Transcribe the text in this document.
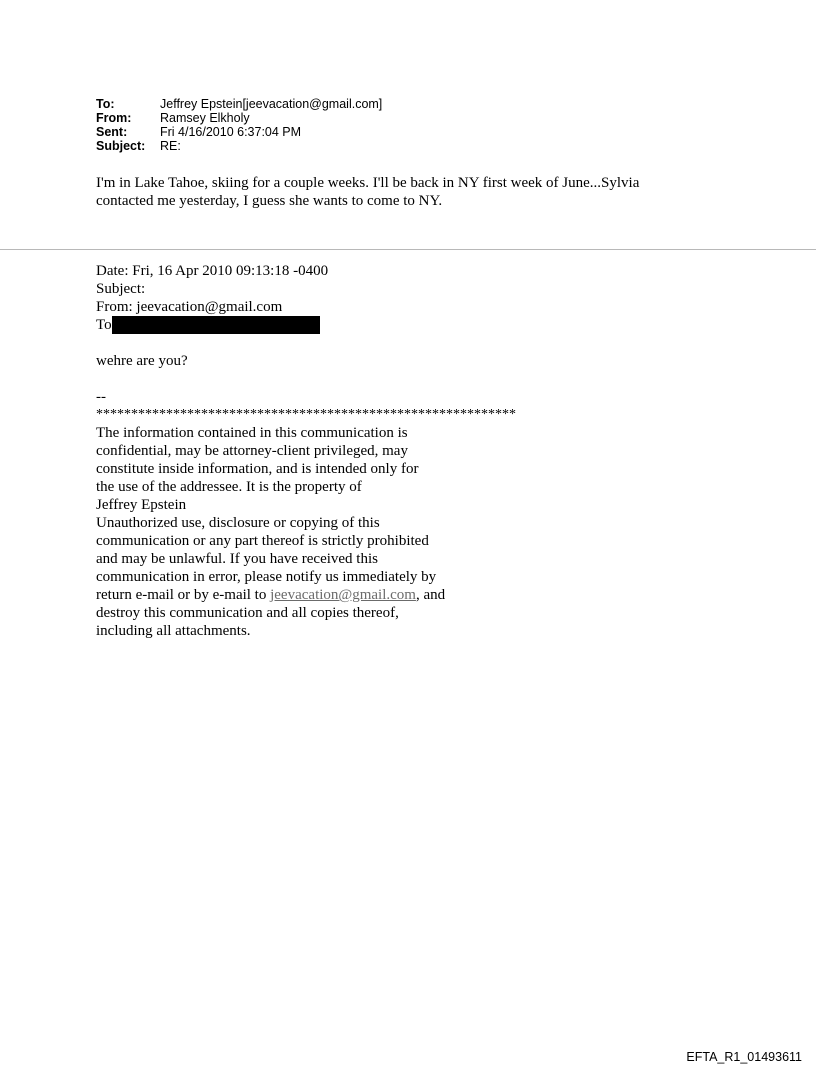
To:	Jeffrey Epstein[jeevacation@gmail.com]
From:	Ramsey Elkholy
Sent:	Fri 4/16/2010 6:37:04 PM
Subject:	RE:
I'm in Lake Tahoe, skiing for a couple weeks. I'll be back in NY first week of June...Sylvia
contacted me yesterday, I guess she wants to come to NY.
Date: Fri, 16 Apr 2010 09:13:18 -0400
Subject:
From: jeevacation@gmail.com
To
wehre are you?
--
************************************************************
The information contained in this communication is
confidential, may be attorney-client privileged, may
constitute inside information, and is intended only for
the use of the addressee. It is the property of
Jeffrey Epstein
Unauthorized use, disclosure or copying of this
communication or any part thereof is strictly prohibited
and may be unlawful. If you have received this
communication in error, please notify us immediately by
return e-mail or by e-mail to jeevacation@gmail.com, and
destroy this communication and all copies thereof,
including all attachments.
EFTA_R1_01493611
